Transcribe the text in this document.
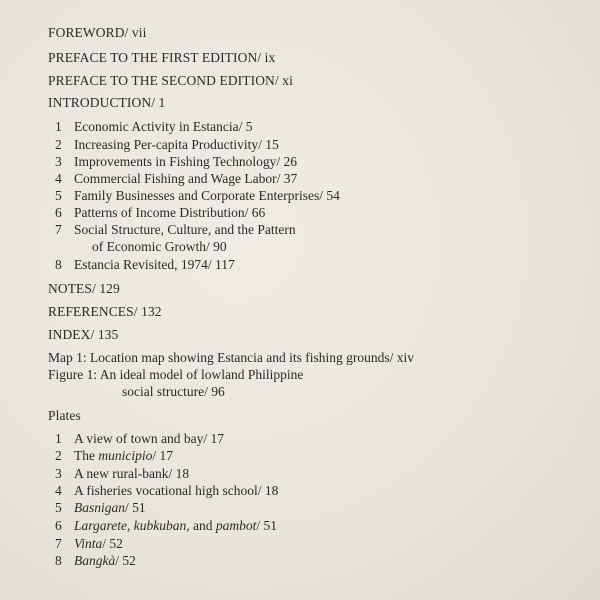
FOREWORD/ vii
PREFACE TO THE FIRST EDITION/ ix
PREFACE TO THE SECOND EDITION/ xi
INTRODUCTION/ 1
1 Economic Activity in Estancia/ 5
2 Increasing Per-capita Productivity/ 15
3 Improvements in Fishing Technology/ 26
4 Commercial Fishing and Wage Labor/ 37
5 Family Businesses and Corporate Enterprises/ 54
6 Patterns of Income Distribution/ 66
7 Social Structure, Culture, and the Pattern
of Economic Growth/ 90
8 Estancia Revisited, 1974/ 117
NOTES/ 129
REFERENCES/ 132
INDEX/ 135
Map 1: Location map showing Estancia and its fishing grounds/ xiv
Figure 1: An ideal model of lowland Philippine
social structure/ 96
Plates
1 A view of town and bay/ 17
2 The municipio/ 17
3 A new rural-bank/ 18
4 A fisheries vocational high school/ 18
5 Basnigan/ 51
6 Largarete, kubkuban, and pambot/ 51
7 Vinta/ 52
8 Bangkà/ 52
